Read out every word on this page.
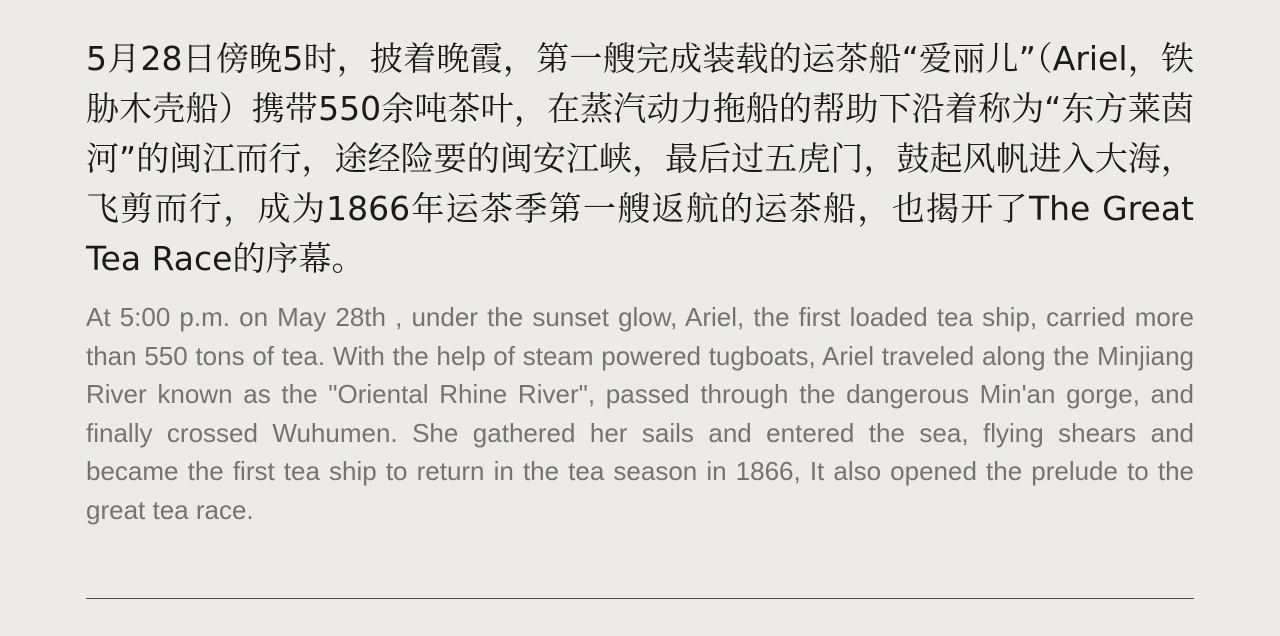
5月28日傍晚5时，披着晚霞，第一艘完成装载的运茶船“爱丽儿”（Ariel，铁胁木壳船）携带550余吨茶叶，在蒸汽动力拖船的帮助下沿着称为“东方莱茵河”的闽江而行，途经险要的闽安江峡，最后过五虎门，鼓起风帆进入大海，飞剪而行，成为1866年运茶季第一艘返航的运茶船，也揭开了The Great Tea Race的序幕。

At 5:00 p.m. on May 28th , under the sunset glow, Ariel, the first loaded tea ship, carried more than 550 tons of tea. With the help of steam powered tugboats, Ariel traveled along the Minjiang River known as the "Oriental Rhine River", passed through the dangerous Min'an gorge, and finally crossed Wuhumen. She gathered her sails and entered the sea, flying shears and became the first tea ship to return in the tea season in 1866, It also opened the prelude to the great tea race.
